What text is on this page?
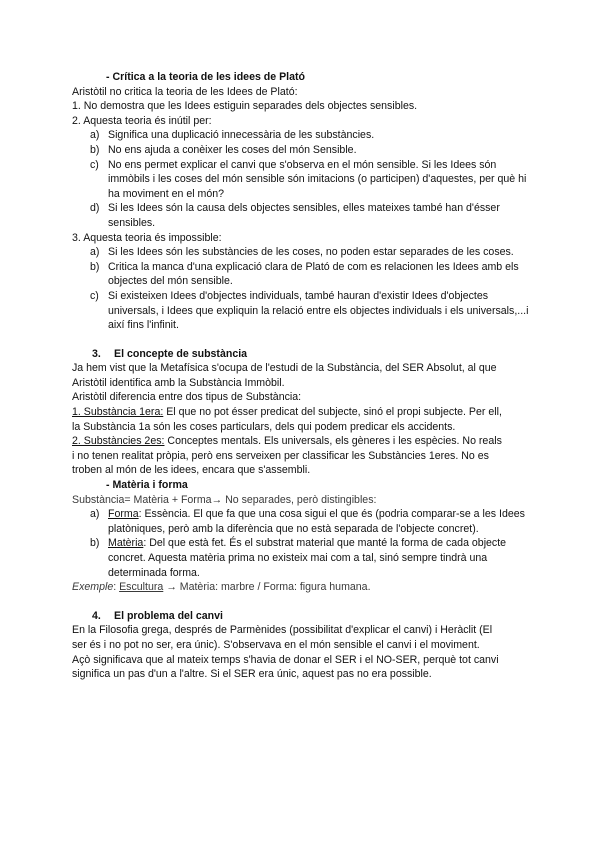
- Crítica a la teoria de les idees de Plató
Aristòtil no critica la teoria de les Idees de Plató:
1. No demostra que les Idees estiguin separades dels objectes sensibles.
2. Aquesta teoria és inútil per:
a) Significa una duplicació innecessària de les substàncies.
b) No ens ajuda a conèixer les coses del món Sensible.
c) No ens permet explicar el canvi que s'observa en el món sensible. Si les Idees són immòbils i les coses del món sensible són imitacions (o participen) d'aquestes, per què hi ha moviment en el món?
d) Si les Idees són la causa dels objectes sensibles, elles mateixes també han d'ésser sensibles.
3. Aquesta teoria és impossible:
a) Si les Idees són les substàncies de les coses, no poden estar separades de les coses.
b) Critica la manca d'una explicació clara de Plató de com es relacionen les Idees amb els objectes del món sensible.
c) Si existeixen Idees d'objectes individuals, també hauran d'existir Idees d'objectes universals, i Idees que expliquin la relació entre els objectes individuals i els universals,...i així fins l'infinit.
3.	El concepte de substància
Ja hem vist que la Metafísica s'ocupa de l'estudi de la Substància, del SER Absolut, al que
Aristòtil identifica amb la Substància Immòbil.
Aristòtil diferencia entre dos tipus de Substància:
1. Substància 1era: El que no pot ésser predicat del subjecte, sinó el propi subjecte. Per ell,
la Substància 1a són les coses particulars, dels qui podem predicar els accidents.
2. Substàncies 2es: Conceptes mentals. Els universals, els gèneres i les espècies. No reals
i no tenen realitat pròpia, però ens serveixen per classificar les Substàncies 1eres. No es
troben al món de les idees, encara que s'assembli.
- Matèria i forma
Substància= Matèria + Forma→ No separades, però distingibles:
a) Forma: Essència. El que fa que una cosa sigui el que és (podria comparar-se a les Idees platòniques, però amb la diferència que no està separada de l'objecte concret).
b) Matèria: Del que està fet. És el substrat material que manté la forma de cada objecte concret. Aquesta matèria prima no existeix mai com a tal, sinó sempre tindrà una determinada forma.
Exemple: Escultura → Matèria: marbre / Forma: figura humana.
4.	El problema del canvi
En la Filosofia grega, després de Parmènides (possibilitat d'explicar el canvi) i Heràclit (El
ser és i no pot no ser, era únic). S'observava en el món sensible el canvi i el moviment.
Açò significava que al mateix temps s'havia de donar el SER i el NO-SER, perquè tot canvi
significa un pas d'un a l'altre. Si el SER era únic, aquest pas no era possible.
